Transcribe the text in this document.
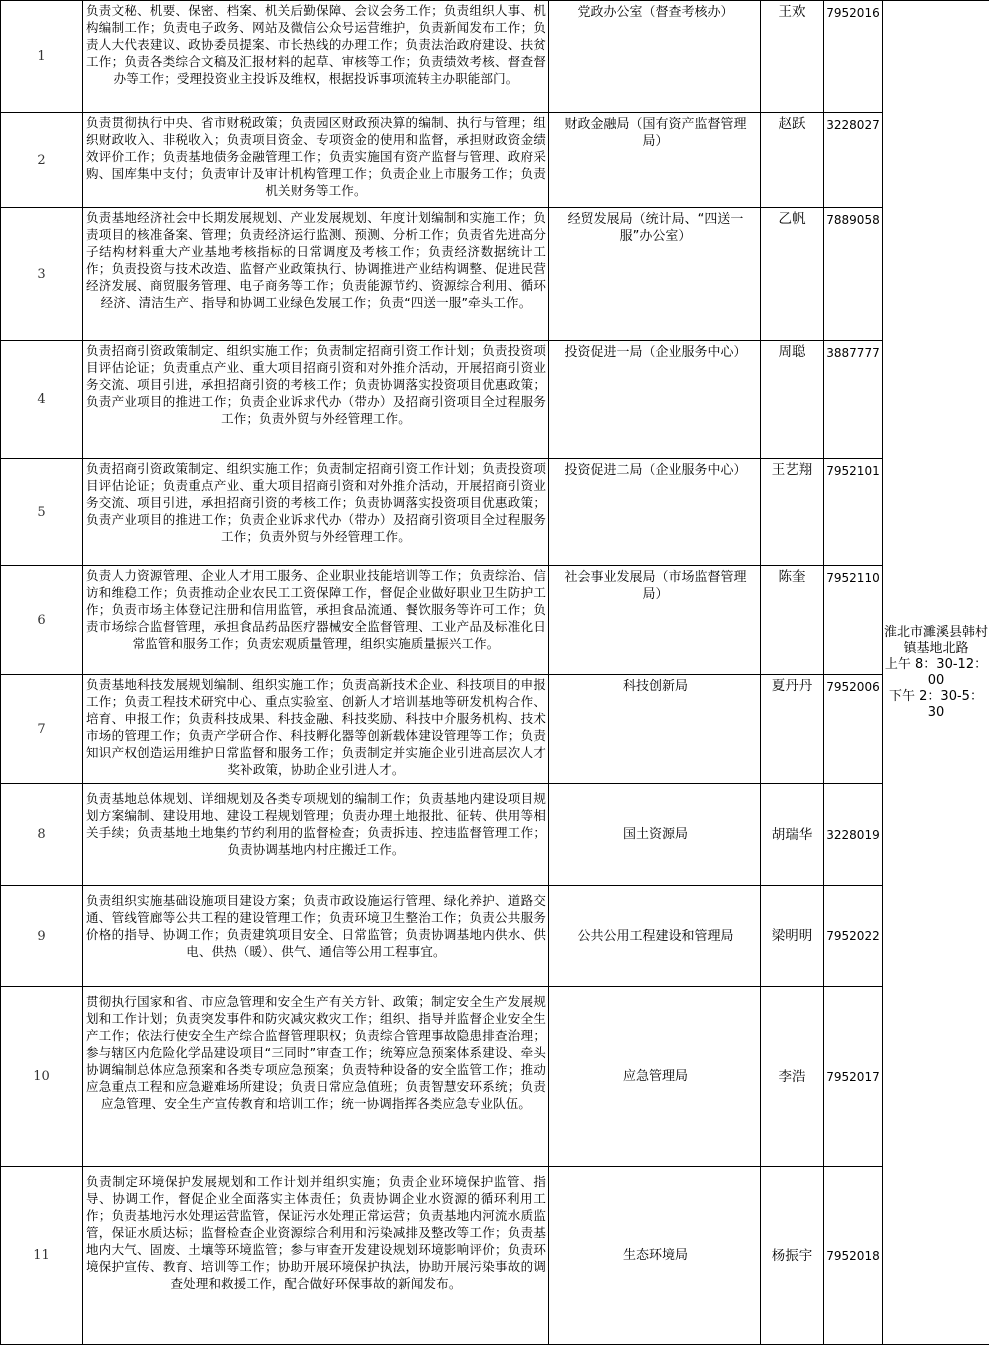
1	负责文秘、机要、保密、档案、机关后勤保障、会议会务工作；负责组织人事、机构编制工作；负责电子政务、网站及微信公众号运营维护，负责新闻发布工作；负责人大代表建议、政协委员提案、市长热线的办理工作；负责法治政府建设、扶贫工作；负责各类综合文稿及汇报材料的起草、审核等工作；负责绩效考核、督查督办等工作；受理投资业主投诉及维权，根据投诉事项流转主办职能部门。	党政办公室（督查考核办）	王欢	7952016	淮北市濉溪县韩村镇基地北路
上午 8：30-12：00
下午 2：30-5：30

2	负责贯彻执行中央、省市财税政策；负责园区财政预决算的编制、执行与管理；组织财政收入、非税收入；负责项目资金、专项资金的使用和监督，承担财政资金绩效评价工作；负责基地债务金融管理工作；负责实施国有资产监督与管理、政府采购、国库集中支付；负责审计及审计机构管理工作；负责企业上市服务工作；负责机关财务等工作。	财政金融局（国有资产监督管理局）	赵跃	3228027	

3	负责基地经济社会中长期发展规划、产业发展规划、年度计划编制和实施工作；负责项目的核准备案、管理；负责经济运行监测、预测、分析工作；负责省先进高分子结构材料重大产业基地考核指标的日常调度及考核工作；负责经济数据统计工作；负责投资与技术改造、监督产业政策执行、协调推进产业结构调整、促进民营经济发展、商贸服务管理、电子商务等工作；负责能源节约、资源综合利用、循环经济、清洁生产、指导和协调工业绿色发展工作；负责“四送一服”牵头工作。	经贸发展局（统计局、“四送一服”办公室）	乙帆	7889058	

4	负责招商引资政策制定、组织实施工作；负责制定招商引资工作计划；负责投资项目评估论证；负责重点产业、重大项目招商引资和对外推介活动，开展招商引资业务交流、项目引进，承担招商引资的考核工作；负责协调落实投资项目优惠政策；负责产业项目的推进工作；负责企业诉求代办（带办）及招商引资项目全过程服务工作；负责外贸与外经管理工作。	投资促进一局（企业服务中心）	周聪	3887777	

5	负责招商引资政策制定、组织实施工作；负责制定招商引资工作计划；负责投资项目评估论证；负责重点产业、重大项目招商引资和对外推介活动，开展招商引资业务交流、项目引进，承担招商引资的考核工作；负责协调落实投资项目优惠政策；负责产业项目的推进工作；负责企业诉求代办（带办）及招商引资项目全过程服务工作；负责外贸与外经管理工作。	投资促进二局（企业服务中心）	王艺翔	7952101	

6	负责人力资源管理、企业人才用工服务、企业职业技能培训等工作；负责综治、信访和维稳工作；负责推动企业农民工工资保障工作，督促企业做好职业卫生防护工作；负责市场主体登记注册和信用监管，承担食品流通、餐饮服务等许可工作；负责市场综合监督管理，承担食品药品医疗器械安全监督管理、工业产品及标准化日常监管和服务工作；负责宏观质量管理，组织实施质量振兴工作。	社会事业发展局（市场监督管理局）	陈奎	7952110	

7	负责基地科技发展规划编制、组织实施工作；负责高新技术企业、科技项目的申报工作；负责工程技术研究中心、重点实验室、创新人才培训基地等研发机构合作、培育、申报工作；负责科技成果、科技金融、科技奖励、科技中介服务机构、技术市场的管理工作；负责产学研合作、科技孵化器等创新载体建设管理等工作；负责知识产权创造运用维护日常监督和服务工作；负责制定并实施企业引进高层次人才奖补政策，协助企业引进人才。	科技创新局	夏丹丹	7952006	

8	负责基地总体规划、详细规划及各类专项规划的编制工作；负责基地内建设项目规划方案编制、建设用地、建设工程规划管理；负责办理土地报批、征转、供用等相关手续；负责基地土地集约节约利用的监督检查；负责拆违、控违监督管理工作；负责协调基地内村庄搬迁工作。	国土资源局	胡瑞华	3228019	

9	负责组织实施基础设施项目建设方案；负责市政设施运行管理、绿化养护、道路交通、管线管廊等公共工程的建设管理工作；负责环境卫生整治工作；负责公共服务价格的指导、协调工作；负责建筑项目安全、日常监管；负责协调基地内供水、供电、供热（暖）、供气、通信等公用工程事宜。	公共公用工程建设和管理局	梁明明	7952022	

10	贯彻执行国家和省、市应急管理和安全生产有关方针、政策；制定安全生产发展规划和工作计划；负责突发事件和防灾减灾救灾工作；组织、指导并监督企业安全生产工作；依法行使安全生产综合监督管理职权；负责综合管理事故隐患排查治理；参与辖区内危险化学品建设项目“三同时”审查工作；统筹应急预案体系建设、牵头协调编制总体应急预案和各类专项应急预案；负责特种设备的安全监管工作；推动应急重点工程和应急避难场所建设；负责日常应急值班；负责智慧安环系统；负责应急管理、安全生产宣传教育和培训工作；统一协调指挥各类应急专业队伍。	应急管理局	李浩	7952017	

11	负责制定环境保护发展规划和工作计划并组织实施；负责企业环境保护监管、指导、协调工作，督促企业全面落实主体责任；负责协调企业水资源的循环利用工作；负责基地污水处理运营监管，保证污水处理正常运营；负责基地内河流水质监管，保证水质达标；监督检查企业资源综合利用和污染减排及整改等工作；负责基地内大气、固废、土壤等环境监管；参与审查开发建设规划环境影响评价；负责环境保护宣传、教育、培训等工作；协助开展环境保护执法，协助开展污染事故的调查处理和救援工作，配合做好环保事故的新闻发布。	生态环境局	杨振宇	7952018	
